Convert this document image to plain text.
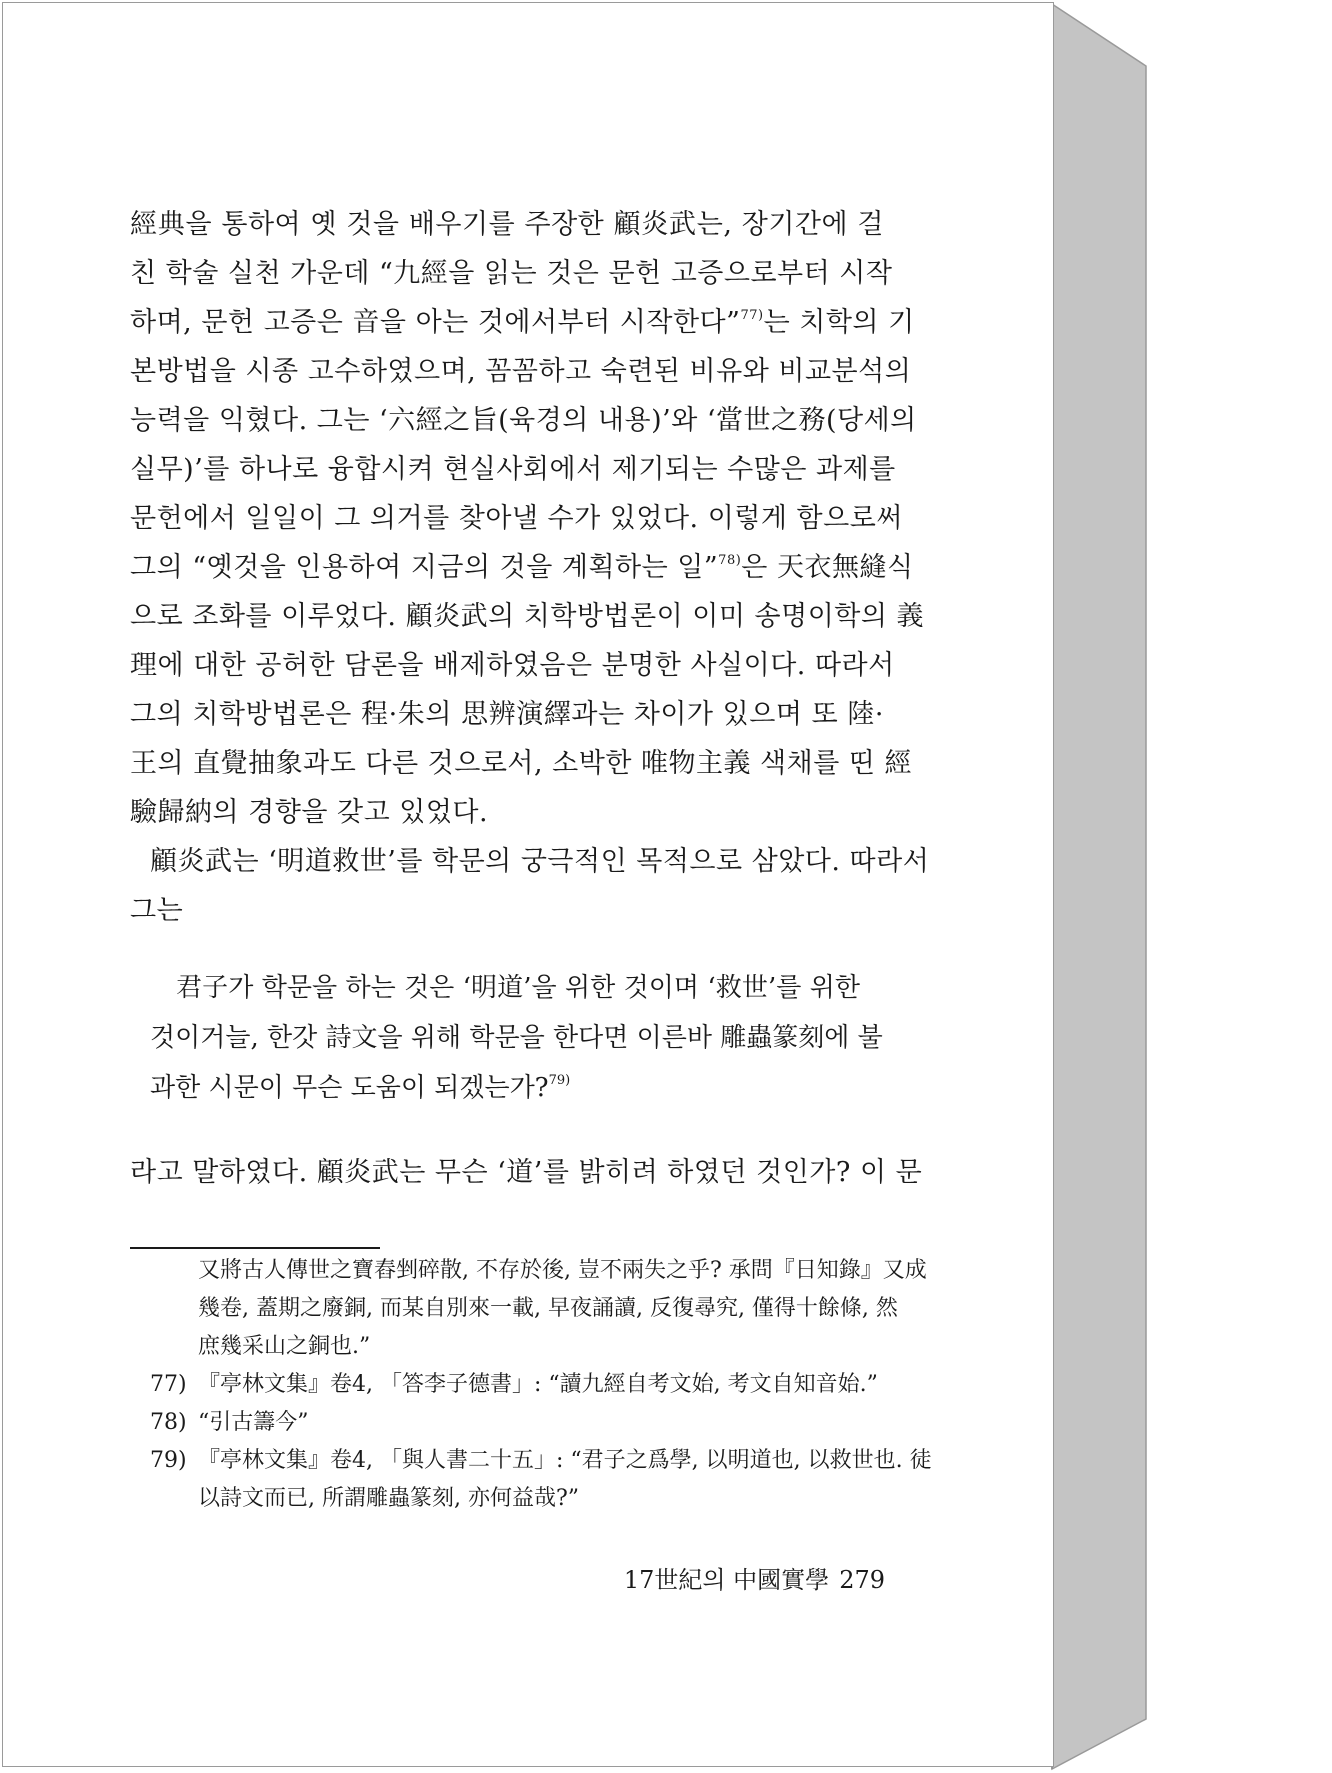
經典을 통하여 옛 것을 배우기를 주장한 顧炎武는, 장기간에 걸
친 학술 실천 가운데 “九經을 읽는 것은 문헌 고증으로부터 시작
하며, 문헌 고증은 音을 아는 것에서부터 시작한다”$^{77)}$는 치학의 기
본방법을 시종 고수하였으며, 꼼꼼하고 숙련된 비유와 비교분석의
능력을 익혔다. 그는 ‘六經之旨(육경의 내용)’와 ‘當世之務(당세의
실무)’를 하나로 융합시켜 현실사회에서 제기되는 수많은 과제를
문헌에서 일일이 그 의거를 찾아낼 수가 있었다. 이렇게 함으로써
그의 “옛것을 인용하여 지금의 것을 계획하는 일”$^{78)}$은 天衣無縫식
으로 조화를 이루었다. 顧炎武의 치학방법론이 이미 송명이학의 義
理에 대한 공허한 담론을 배제하였음은 분명한 사실이다. 따라서
그의 치학방법론은 程·朱의 思辨演繹과는 차이가 있으며 또 陸·
王의 直覺抽象과도 다른 것으로서, 소박한 唯物主義 색채를 띤 經
驗歸納의 경향을 갖고 있었다.
顧炎武는 ‘明道救世’를 학문의 궁극적인 목적으로 삼았다. 따라서
그는
君子가 학문을 하는 것은 ‘明道’을 위한 것이며 ‘救世’를 위한
것이거늘, 한갓 詩文을 위해 학문을 한다면 이른바 雕蟲篆刻에 불
과한 시문이 무슨 도움이 되겠는가?$^{79)}$
라고 말하였다. 顧炎武는 무슨 ‘道’를 밝히려 하였던 것인가? 이 문
又將古人傳世之寶舂剉碎散, 不存於後, 豈不兩失之乎? 承問『日知錄』又成
幾卷, 蓋期之廢銅, 而某自別來一載, 早夜誦讀, 反復尋究, 僅得十餘條, 然
庶幾采山之銅也.”
77) 『亭林文集』卷4, 「答李子德書」: “讀九經自考文始, 考文自知音始.”
78) “引古籌今”
79) 『亭林文集』卷4, 「與人書二十五」: “君子之爲學, 以明道也, 以救世也. 徒
以詩文而已, 所謂雕蟲篆刻, 亦何益哉?”
17世紀의 中國實學 279
